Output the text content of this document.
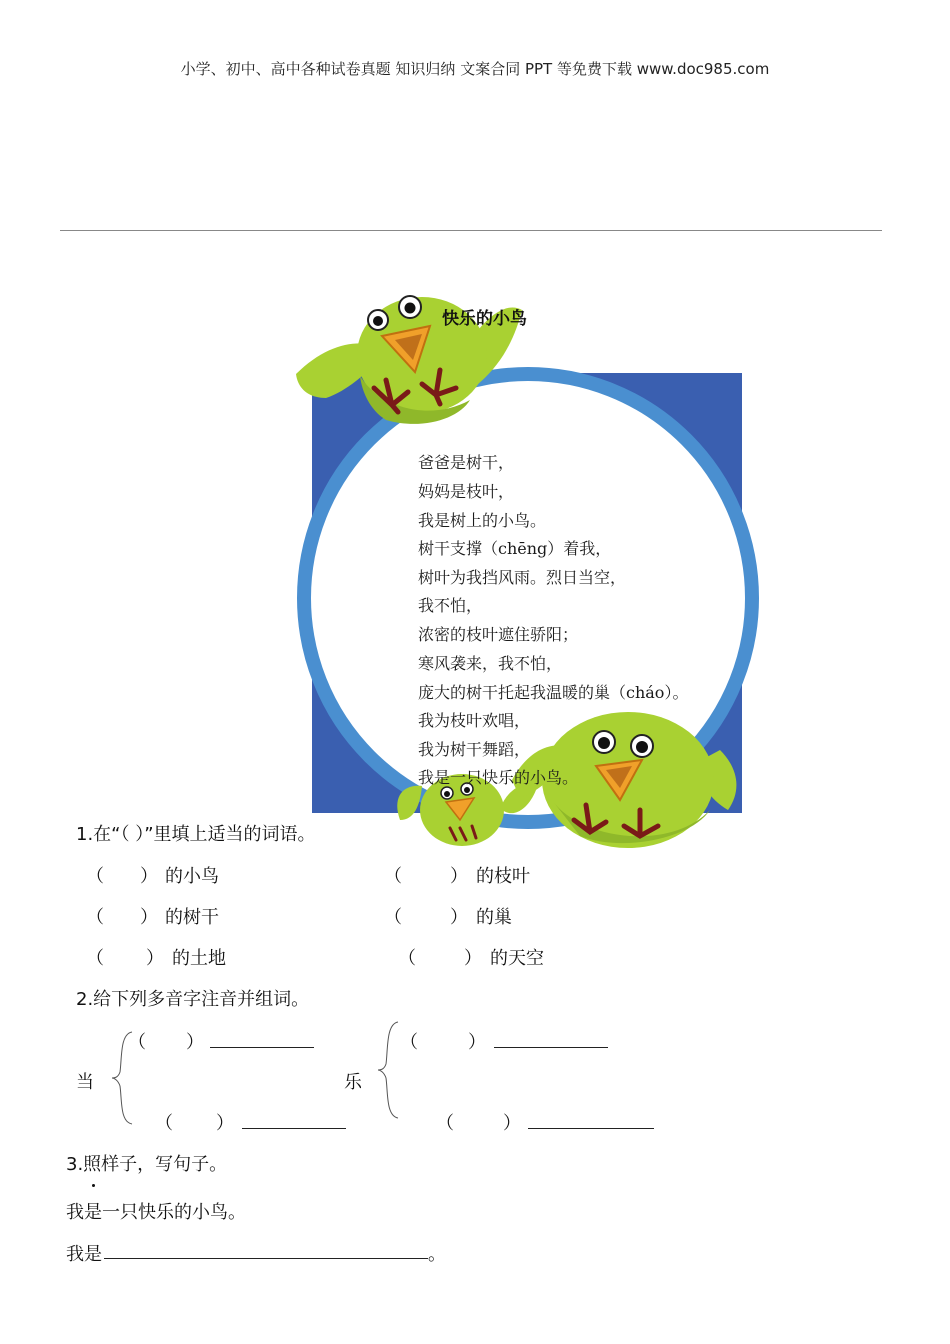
小学、初中、高中各种试卷真题 知识归纳 文案合同 PPT 等免费下载 www.doc985.com
快乐的小鸟
爸爸是树干，
妈妈是枝叶，
我是树上的小鸟。
树干支撑（chēng）着我，
树叶为我挡风雨。烈日当空，
我不怕，
浓密的枝叶遮住骄阳；
寒风袭来，我不怕，
庞大的树干托起我温暖的巢（cháo）。
我为枝叶欢唱，
我为树干舞蹈，
我是一只快乐的小鸟。
1.在“（ ）”里填上适当的词语。
（ ） 的小鸟	（	） 的枝叶
（ ） 的树干	（	） 的巢
（ ） 的土地	（	） 的天空
2.给下列多音字注音并组词。
当	乐
（ ）
（ ）
（	）
（	）
3.照样子，写句子。
我是一只快乐的小鸟。
我是	。
